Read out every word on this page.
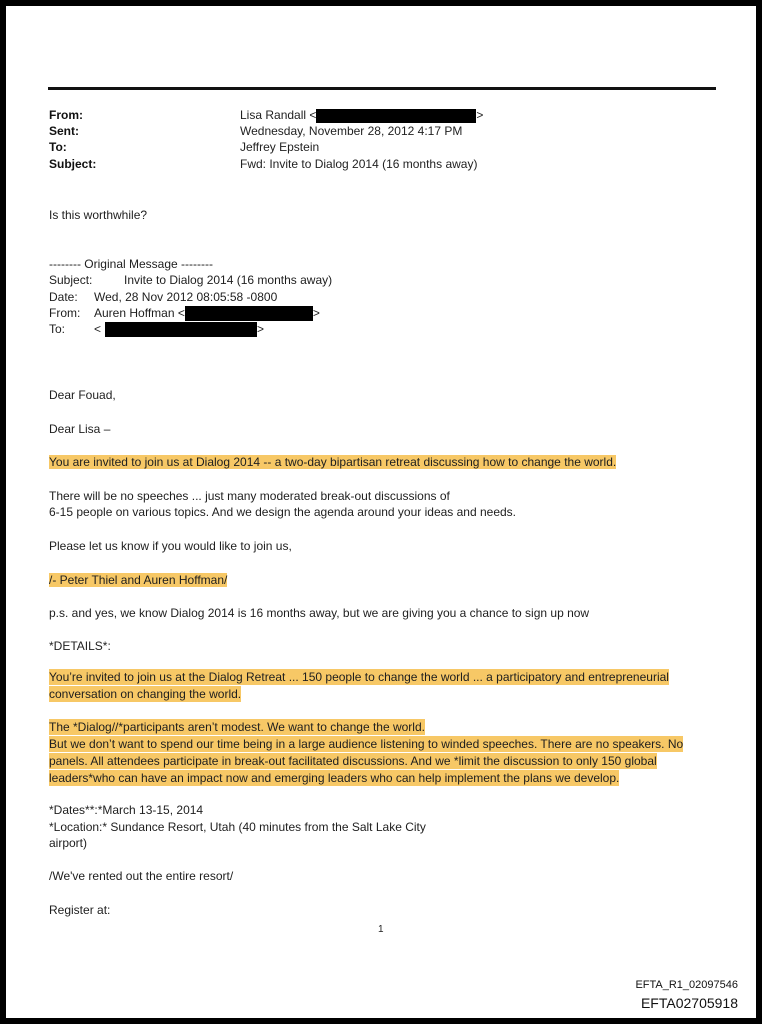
From:	Lisa Randall <	>
Sent:	Wednesday, November 28, 2012 4:17 PM
To:	Jeffrey Epstein
Subject:	Fwd: Invite to Dialog 2014 (16 months away)
Is this worthwhile?
-------- Original Message --------
Subject:	Invite to Dialog 2014 (16 months away)
Date: Wed, 28 Nov 2012 08:05:58 -0800
From: Auren Hoffman <	>
To: <	>
Dear Fouad,
Dear Lisa –
You are invited to join us at Dialog 2014 -- a two-day bipartisan retreat discussing how to change the world.
There will be no speeches ... just many moderated break-out discussions of
6-15 people on various topics. And we design the agenda around your ideas and needs.
Please let us know if you would like to join us,
/- Peter Thiel and Auren Hoffman/
p.s. and yes, we know Dialog 2014 is 16 months away, but we are giving you a chance to sign up now
*DETAILS*:
You’re invited to join us at the Dialog Retreat ... 150 people to change the world ... a participatory and entrepreneurial conversation on changing the world.
The *Dialog//*participants aren’t modest. We want to change the world.
But we don’t want to spend our time being in a large audience listening to winded speeches. There are no speakers. No panels. All attendees participate in break-out facilitated discussions. And we *limit the discussion to only 150 global leaders*who can have an impact now and emerging leaders who can help implement the plans we develop.
*Dates**:*March 13-15, 2014
*Location:* Sundance Resort, Utah (40 minutes from the Salt Lake City
airport)
/We've rented out the entire resort/
Register at:
1
EFTA_R1_02097546
EFTA02705918
